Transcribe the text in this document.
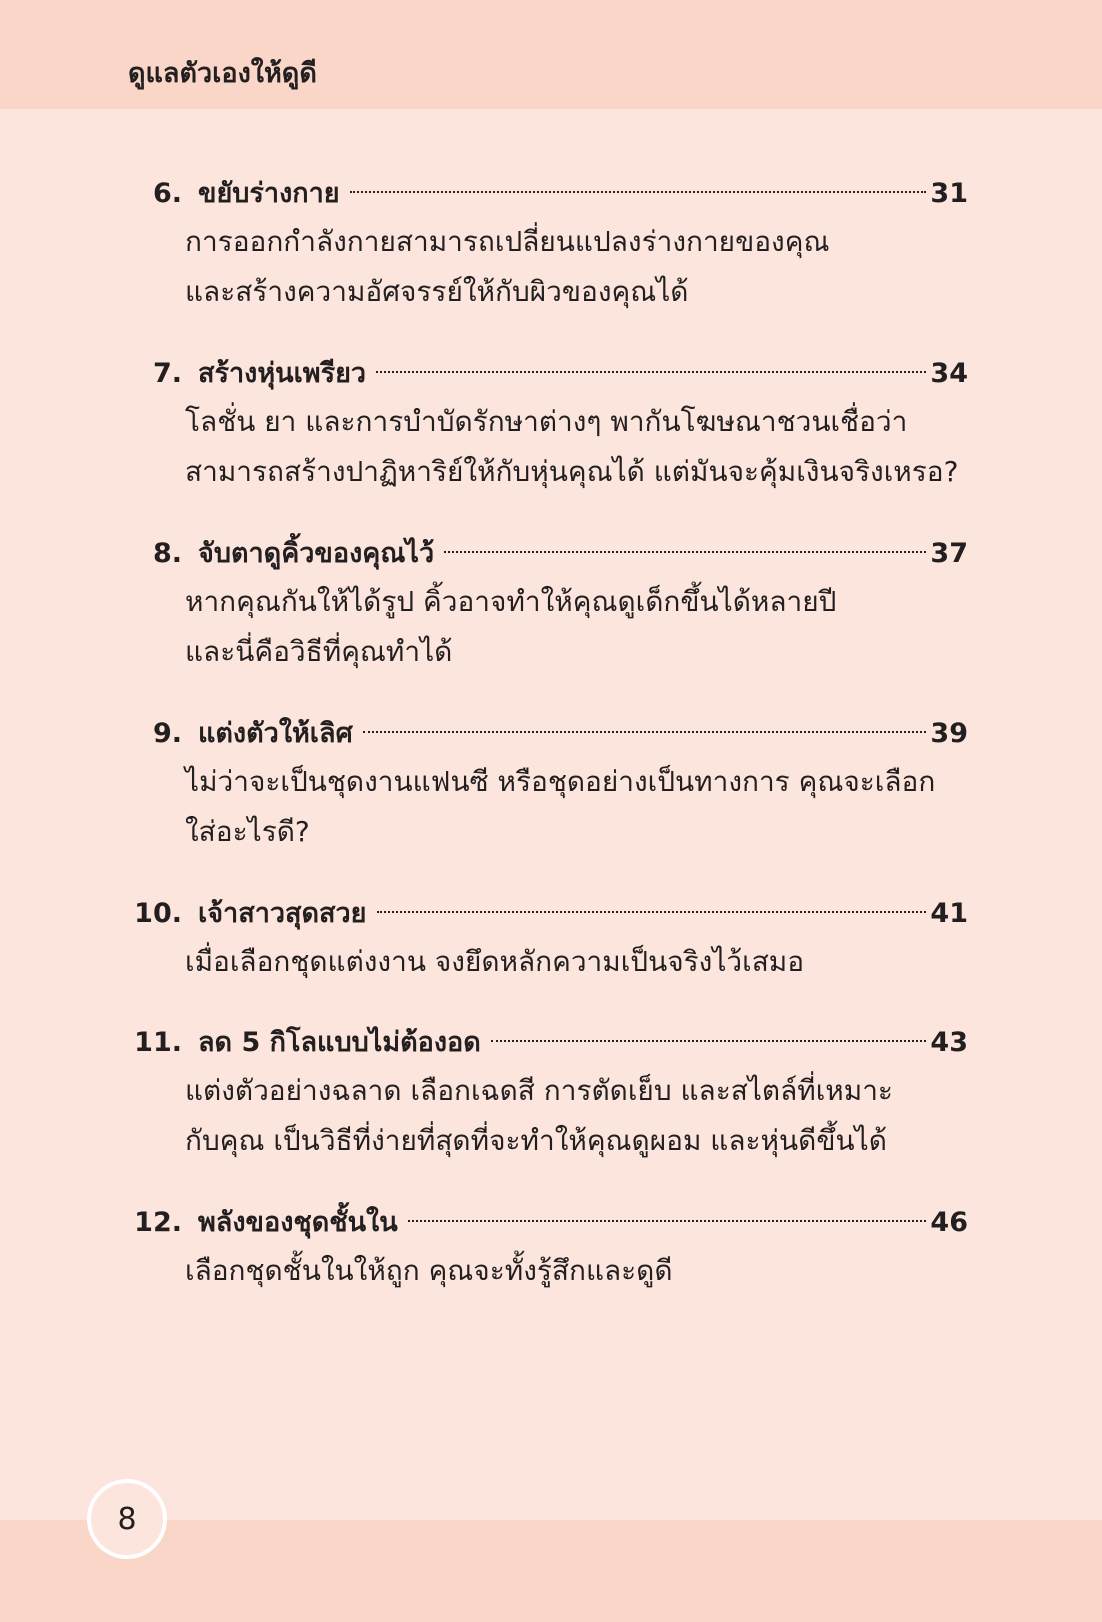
ดูแลตัวเองให้ดูดี
6. ขยับร่างกาย	31
การออกกำลังกายสามารถเปลี่ยนแปลงร่างกายของคุณ
และสร้างความอัศจรรย์ให้กับผิวของคุณได้
7. สร้างหุ่นเพรียว	34
โลชั่น ยา และการบำบัดรักษาต่างๆ พากันโฆษณาชวนเชื่อว่า
สามารถสร้างปาฏิหาริย์ให้กับหุ่นคุณได้ แต่มันจะคุ้มเงินจริงเหรอ?
8. จับตาดูคิ้วของคุณไว้	37
หากคุณกันให้ได้รูป คิ้วอาจทำให้คุณดูเด็กขึ้นได้หลายปี
และนี่คือวิธีที่คุณทำได้
9. แต่งตัวให้เลิศ	39
ไม่ว่าจะเป็นชุดงานแฟนซี หรือชุดอย่างเป็นทางการ คุณจะเลือก
ใส่อะไรดี?
10. เจ้าสาวสุดสวย	41
เมื่อเลือกชุดแต่งงาน จงยึดหลักความเป็นจริงไว้เสมอ
11. ลด 5 กิโลแบบไม่ต้องอด	43
แต่งตัวอย่างฉลาด เลือกเฉดสี การตัดเย็บ และสไตล์ที่เหมาะ
กับคุณ เป็นวิธีที่ง่ายที่สุดที่จะทำให้คุณดูผอม และหุ่นดีขึ้นได้
12. พลังของชุดชั้นใน	46
เลือกชุดชั้นในให้ถูก คุณจะทั้งรู้สึกและดูดี
8
